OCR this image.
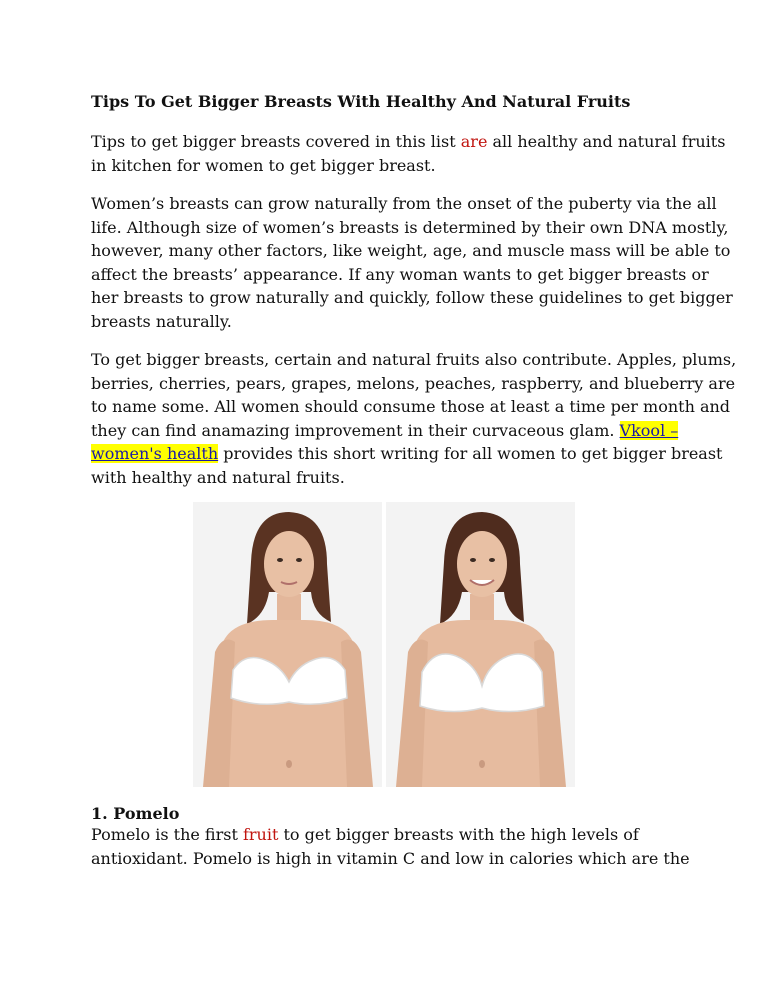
Tips To Get Bigger Breasts With Healthy And Natural Fruits
Tips to get bigger breasts covered in this list are all healthy and natural fruits
in kitchen for women to get bigger breast.
Women’s breasts can grow naturally from the onset of the puberty via the all
life. Although size of women’s breasts is determined by their own DNA mostly,
however, many other factors, like weight, age, and muscle mass will be able to
affect the breasts’ appearance. If any woman wants to get bigger breasts or
her breasts to grow naturally and quickly, follow these guidelines to get bigger
breasts naturally.
To get bigger breasts, certain and natural fruits also contribute. Apples, plums,
berries, cherries, pears, grapes, melons, peaches, raspberry, and blueberry are
to name some. All women should consume those at least a time per month and
they can find anamazing improvement in their curvaceous glam. Vkool –
women's health provides this short writing for all women to get bigger breast
with healthy and natural fruits.
1. Pomelo
Pomelo is the first fruit to get bigger breasts with the high levels of
antioxidant. Pomelo is high in vitamin C and low in calories which are the
